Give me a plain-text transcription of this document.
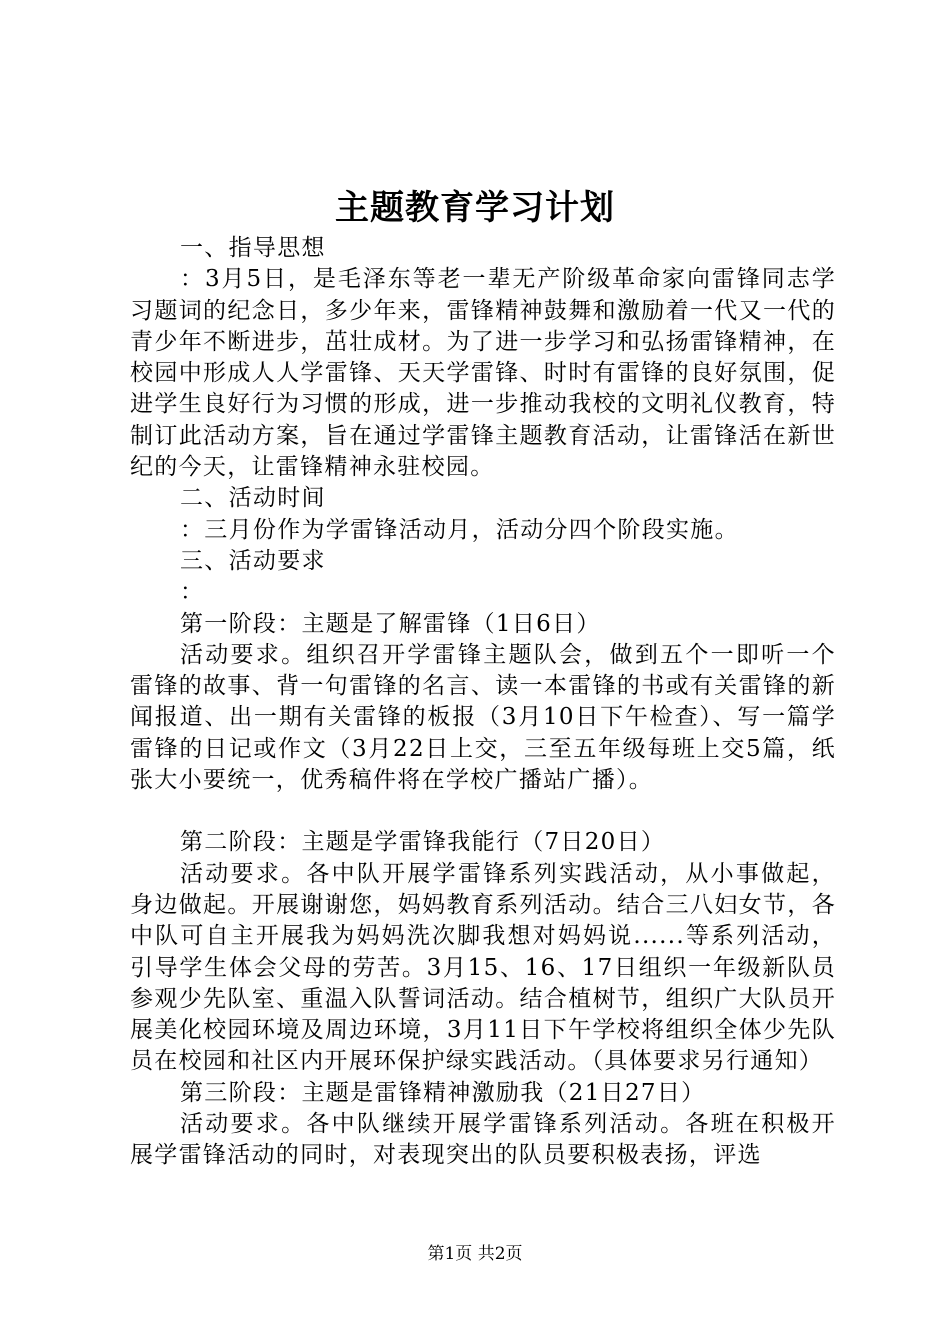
主题教育学习计划

一、指导思想

：3月5日，是毛泽东等老一辈无产阶级革命家向雷锋同志学习题词的纪念日，多少年来，雷锋精神鼓舞和激励着一代又一代的青少年不断进步，茁壮成材。为了进一步学习和弘扬雷锋精神，在校园中形成人人学雷锋、天天学雷锋、时时有雷锋的良好氛围，促进学生良好行为习惯的形成，进一步推动我校的文明礼仪教育，特制订此活动方案，旨在通过学雷锋主题教育活动，让雷锋活在新世纪的今天，让雷锋精神永驻校园。

二、活动时间

：三月份作为学雷锋活动月，活动分四个阶段实施。

三、活动要求

：

第一阶段：主题是了解雷锋（1日6日）

活动要求。组织召开学雷锋主题队会，做到五个一即听一个雷锋的故事、背一句雷锋的名言、读一本雷锋的书或有关雷锋的新闻报道、出一期有关雷锋的板报（3月10日下午检查）、写一篇学雷锋的日记或作文（3月22日上交，三至五年级每班上交5篇，纸张大小要统一，优秀稿件将在学校广播站广播）。

第二阶段：主题是学雷锋我能行（7日20日）

活动要求。各中队开展学雷锋系列实践活动，从小事做起，身边做起。开展谢谢您，妈妈教育系列活动。结合三八妇女节，各中队可自主开展我为妈妈洗次脚我想对妈妈说......等系列活动，引导学生体会父母的劳苦。3月15、16、17日组织一年级新队员参观少先队室、重温入队誓词活动。结合植树节，组织广大队员开展美化校园环境及周边环境，3月11日下午学校将组织全体少先队员在校园和社区内开展环保护绿实践活动。（具体要求另行通知）

第三阶段：主题是雷锋精神激励我（21日27日）

活动要求。各中队继续开展学雷锋系列活动。各班在积极开展学雷锋活动的同时，对表现突出的队员要积极表扬，评选

第1页 共2页
